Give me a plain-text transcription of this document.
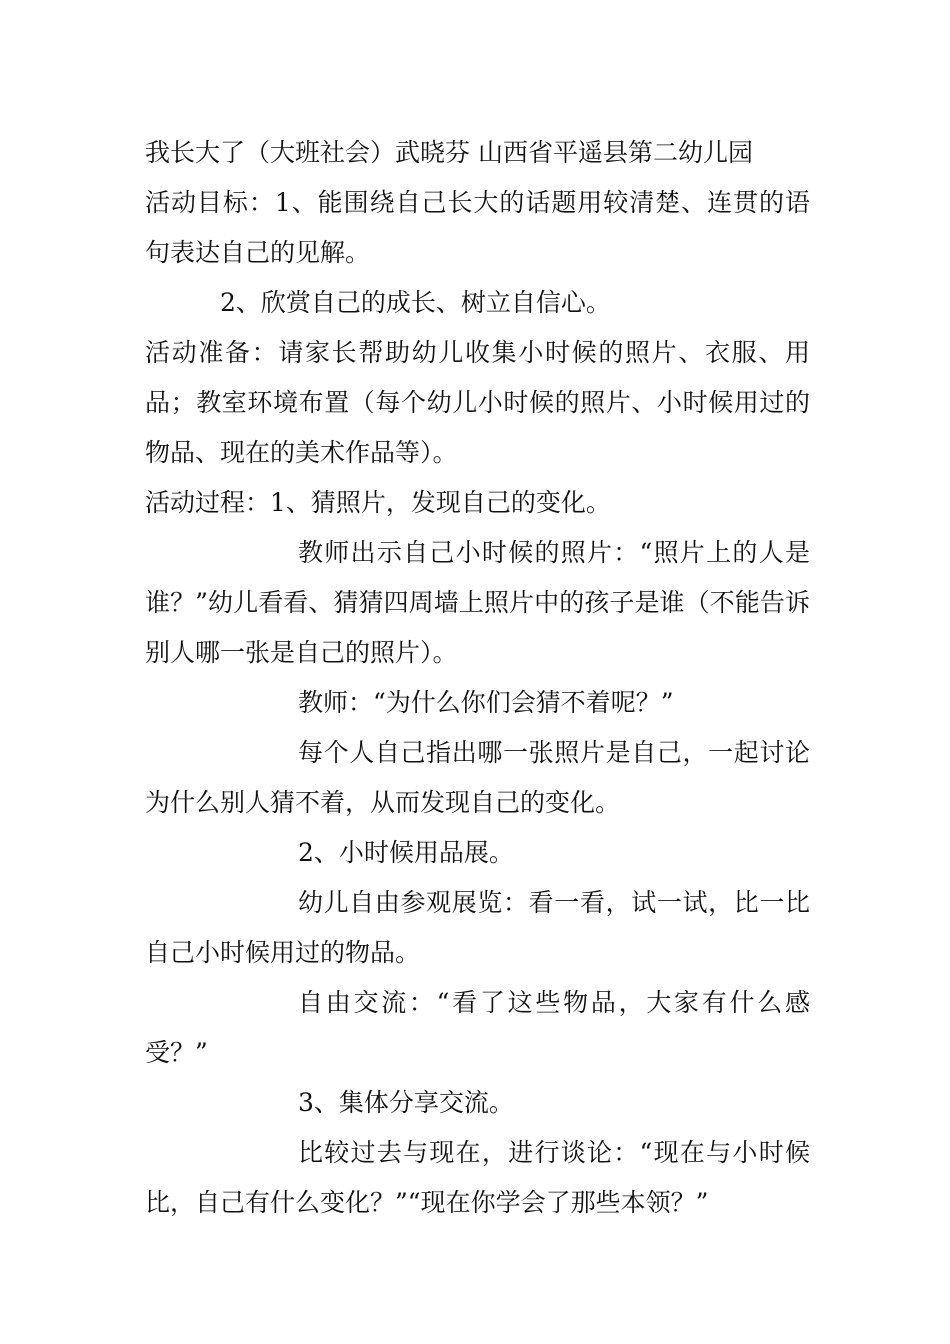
我长大了（大班社会）武晓芬 山西省平遥县第二幼儿园

活动目标：1、能围绕自己长大的话题用较清楚、连贯的语句表达自己的见解。

2、欣赏自己的成长、树立自信心。

活动准备：请家长帮助幼儿收集小时候的照片、衣服、用品；教室环境布置（每个幼儿小时候的照片、小时候用过的物品、现在的美术作品等）。

活动过程：1、猜照片，发现自己的变化。

教师出示自己小时候的照片：“照片上的人是谁？”幼儿看看、猜猜四周墙上照片中的孩子是谁（不能告诉别人哪一张是自己的照片）。

教师：“为什么你们会猜不着呢？”

每个人自己指出哪一张照片是自己，一起讨论为什么别人猜不着，从而发现自己的变化。

2、小时候用品展。

幼儿自由参观展览：看一看，试一试，比一比自己小时候用过的物品。

自由交流：“看了这些物品，大家有什么感受？”

3、集体分享交流。

比较过去与现在，进行谈论：“现在与小时候比，自己有什么变化？”“现在你学会了那些本领？”
